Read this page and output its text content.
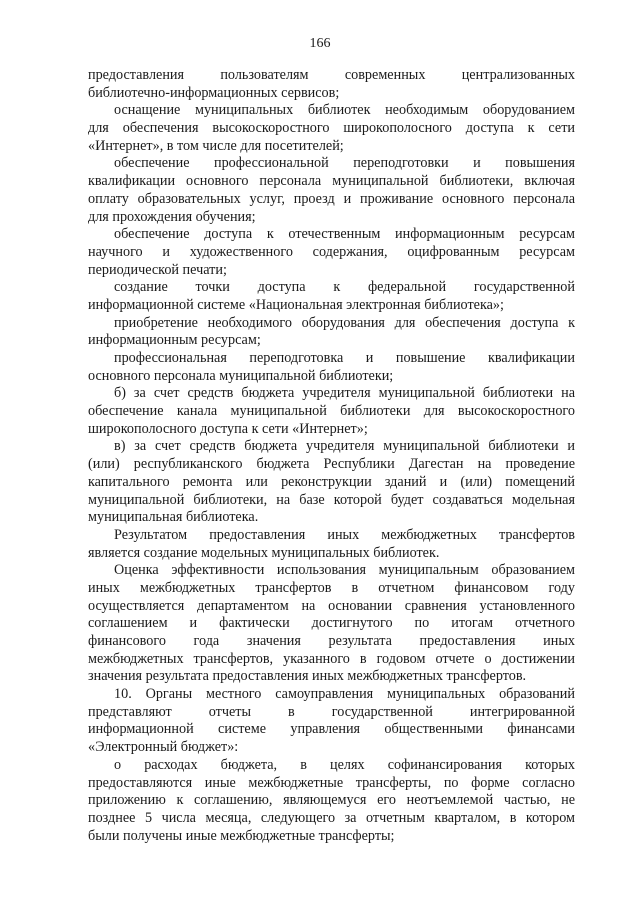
166
предоставления пользователям современных централизованных
библиотечно-информационных сервисов;
оснащение муниципальных библиотек необходимым оборудованием
для обеспечения высокоскоростного широкополосного доступа к сети
«Интернет», в том числе для посетителей;
обеспечение профессиональной переподготовки и повышения
квалификации основного персонала муниципальной библиотеки, включая
оплату образовательных услуг, проезд и проживание основного персонала
для прохождения обучения;
обеспечение доступа к отечественным информационным ресурсам
научного и художественного содержания, оцифрованным ресурсам
периодической печати;
создание точки доступа к федеральной государственной
информационной системе «Национальная электронная библиотека»;
приобретение необходимого оборудования для обеспечения доступа к
информационным ресурсам;
профессиональная переподготовка и повышение квалификации
основного персонала муниципальной библиотеки;
б) за счет средств бюджета учредителя муниципальной библиотеки на
обеспечение канала муниципальной библиотеки для высокоскоростного
широкополосного доступа к сети «Интернет»;
в) за счет средств бюджета учредителя муниципальной библиотеки и
(или) республиканского бюджета Республики Дагестан на проведение
капитального ремонта или реконструкции зданий и (или) помещений
муниципальной библиотеки, на базе которой будет создаваться модельная
муниципальная библиотека.
Результатом предоставления иных межбюджетных трансфертов
является создание модельных муниципальных библиотек.
Оценка эффективности использования муниципальным образованием
иных межбюджетных трансфертов в отчетном финансовом году
осуществляется департаментом на основании сравнения установленного
соглашением и фактически достигнутого по итогам отчетного
финансового года значения результата предоставления иных
межбюджетных трансфертов, указанного в годовом отчете о достижении
значения результата предоставления иных межбюджетных трансфертов.
10. Органы местного самоуправления муниципальных образований
представляют отчеты в государственной интегрированной
информационной системе управления общественными финансами
«Электронный бюджет»:
о расходах бюджета, в целях софинансирования которых
предоставляются иные межбюджетные трансферты, по форме согласно
приложению к соглашению, являющемуся его неотъемлемой частью, не
позднее 5 числа месяца, следующего за отчетным кварталом, в котором
были получены иные межбюджетные трансферты;
